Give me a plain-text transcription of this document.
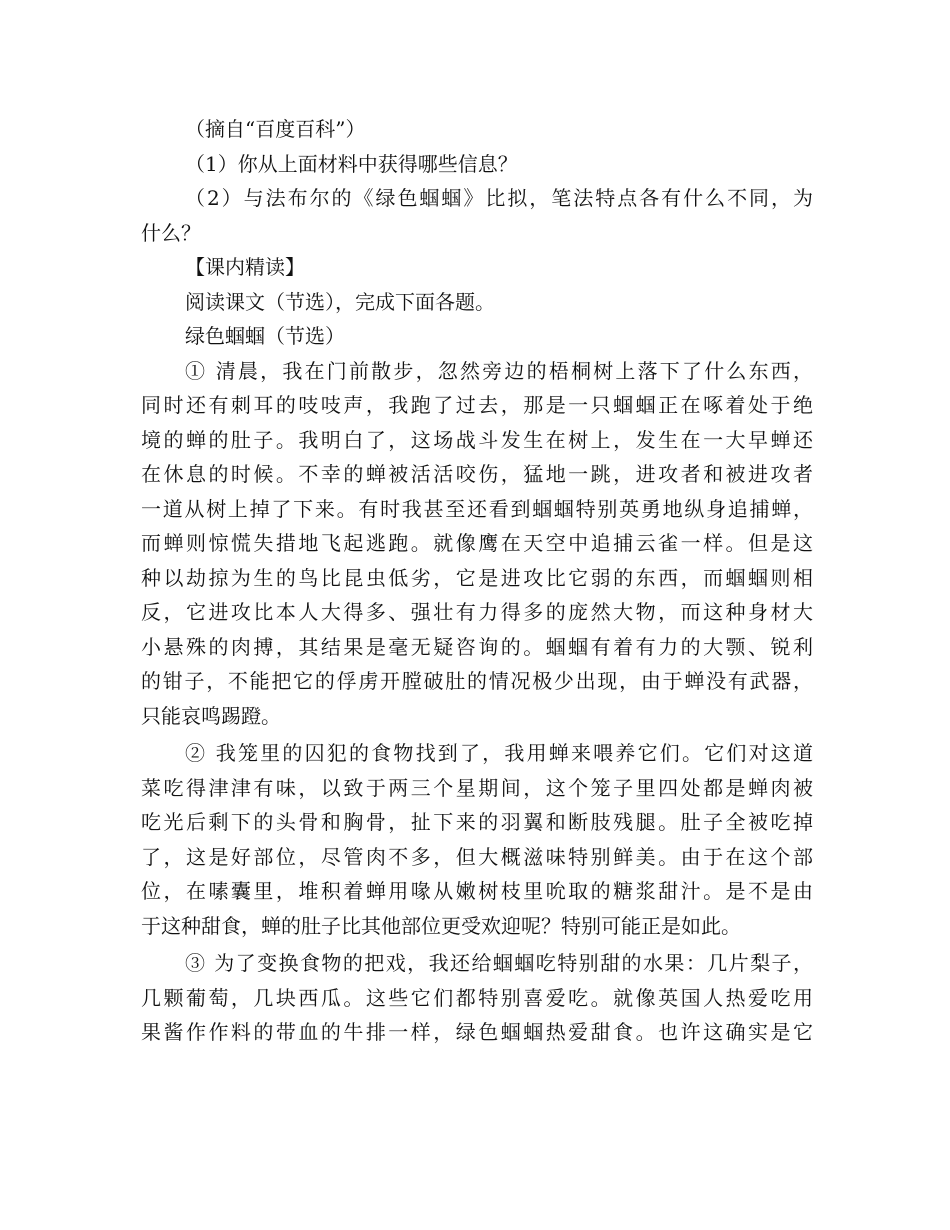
（摘自“百度百科”）
（1）你从上面材料中获得哪些信息？
（2）与法布尔的《绿色蝈蝈》比拟，笔法特点各有什么不同，为
什么？
【课内精读】
阅读课文（节选），完成下面各题。
绿色蝈蝈（节选）
① 清晨，我在门前散步，忽然旁边的梧桐树上落下了什么东西，
同时还有刺耳的吱吱声，我跑了过去，那是一只蝈蝈正在啄着处于绝
境的蝉的肚子。我明白了，这场战斗发生在树上，发生在一大早蝉还
在休息的时候。不幸的蝉被活活咬伤，猛地一跳，进攻者和被进攻者
一道从树上掉了下来。有时我甚至还看到蝈蝈特别英勇地纵身追捕蝉，
而蝉则惊慌失措地飞起逃跑。就像鹰在天空中追捕云雀一样。但是这
种以劫掠为生的鸟比昆虫低劣，它是进攻比它弱的东西，而蝈蝈则相
反，它进攻比本人大得多、强壮有力得多的庞然大物，而这种身材大
小悬殊的肉搏，其结果是毫无疑咨询的。蝈蝈有着有力的大颚、锐利
的钳子，不能把它的俘虏开膛破肚的情况极少出现，由于蝉没有武器，
只能哀鸣踢蹬。
② 我笼里的囚犯的食物找到了，我用蝉来喂养它们。它们对这道
菜吃得津津有味，以致于两三个星期间，这个笼子里四处都是蝉肉被
吃光后剩下的头骨和胸骨，扯下来的羽翼和断肢残腿。肚子全被吃掉
了，这是好部位，尽管肉不多，但大概滋味特别鲜美。由于在这个部
位，在嗉囊里，堆积着蝉用喙从嫩树枝里吮取的糖浆甜汁。是不是由
于这种甜食，蝉的肚子比其他部位更受欢迎呢？特别可能正是如此。
③ 为了变换食物的把戏，我还给蝈蝈吃特别甜的水果：几片梨子，
几颗葡萄，几块西瓜。这些它们都特别喜爱吃。就像英国人热爱吃用
果酱作作料的带血的牛排一样，绿色蝈蝈热爱甜食。也许这确实是它
